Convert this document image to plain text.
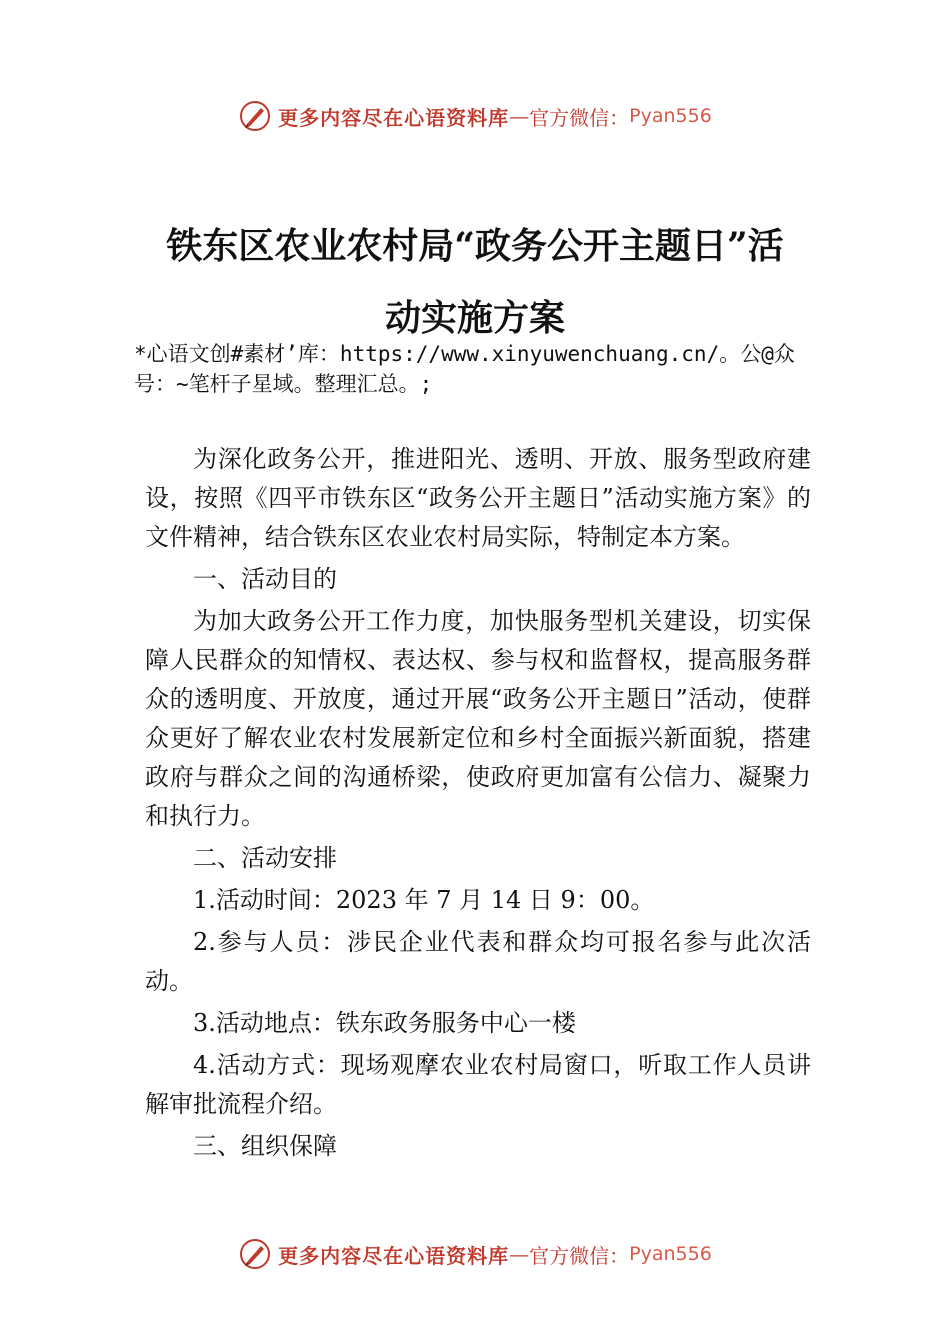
更多内容尽在心语资料库 — 官方微信： Pyan556
铁东区农业农村局“政务公开主题日”活
动实施方案
*心语文创#素材’库：https://www.xinyuwenchuang.cn/。公@众号：~笔杆子星域。整理汇总。;

为深化政务公开，推进阳光、透明、开放、服务型政府建设，按照《四平市铁东区“政务公开主题日”活动实施方案》的文件精神，结合铁东区农业农村局实际，特制定本方案。

一、活动目的

为加大政务公开工作力度，加快服务型机关建设，切实保障人民群众的知情权、表达权、参与权和监督权，提高服务群众的透明度、开放度，通过开展“政务公开主题日”活动，使群众更好了解农业农村发展新定位和乡村全面振兴新面貌，搭建政府与群众之间的沟通桥梁，使政府更加富有公信力、凝聚力和执行力。

二、活动安排

1.活动时间：2023 年 7 月 14 日 9：00。

2.参与人员：涉民企业代表和群众均可报名参与此次活动。

3.活动地点：铁东政务服务中心一楼

4.活动方式：现场观摩农业农村局窗口，听取工作人员讲解审批流程介绍。

三、组织保障

更多内容尽在心语资料库 — 官方微信： Pyan556
